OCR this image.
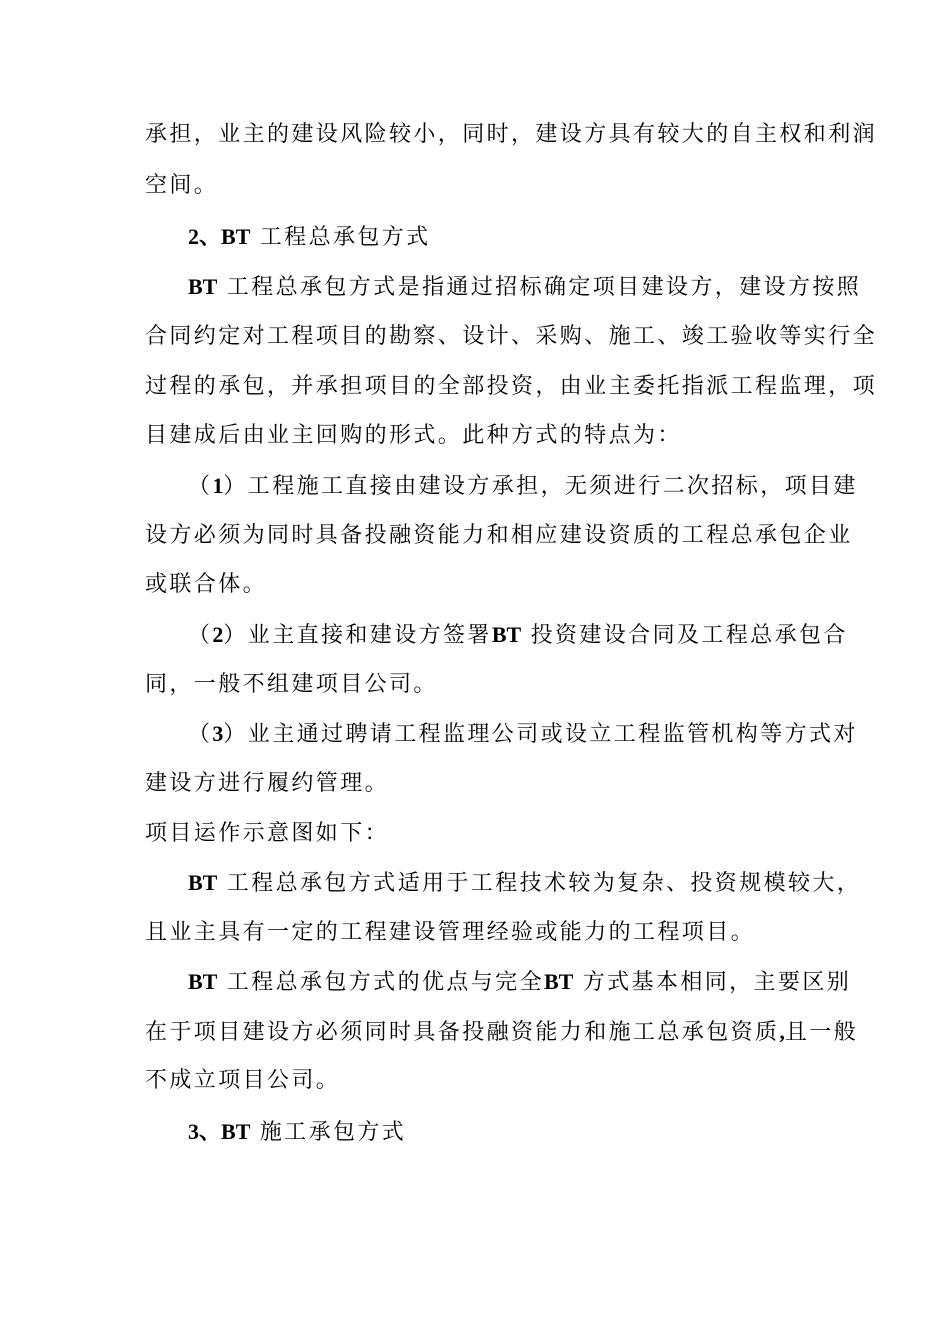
承担，业主的建设风险较小，同时，建设方具有较大的自主权和利润
空间。
2、BT 工程总承包方式
BT 工程总承包方式是指通过招标确定项目建设方，建设方按照
合同约定对工程项目的勘察、设计、采购、施工、竣工验收等实行全
过程的承包，并承担项目的全部投资，由业主委托指派工程监理，项
目建成后由业主回购的形式。此种方式的特点为：
（1）工程施工直接由建设方承担，无须进行二次招标，项目建
设方必须为同时具备投融资能力和相应建设资质的工程总承包企业
或联合体。
（2）业主直接和建设方签署BT 投资建设合同及工程总承包合
同，一般不组建项目公司。
（3）业主通过聘请工程监理公司或设立工程监管机构等方式对
建设方进行履约管理。
项目运作示意图如下：
BT 工程总承包方式适用于工程技术较为复杂、投资规模较大，
且业主具有一定的工程建设管理经验或能力的工程项目。
BT 工程总承包方式的优点与完全BT 方式基本相同，主要区别
在于项目建设方必须同时具备投融资能力和施工总承包资质,且一般
不成立项目公司。
3、BT 施工承包方式
